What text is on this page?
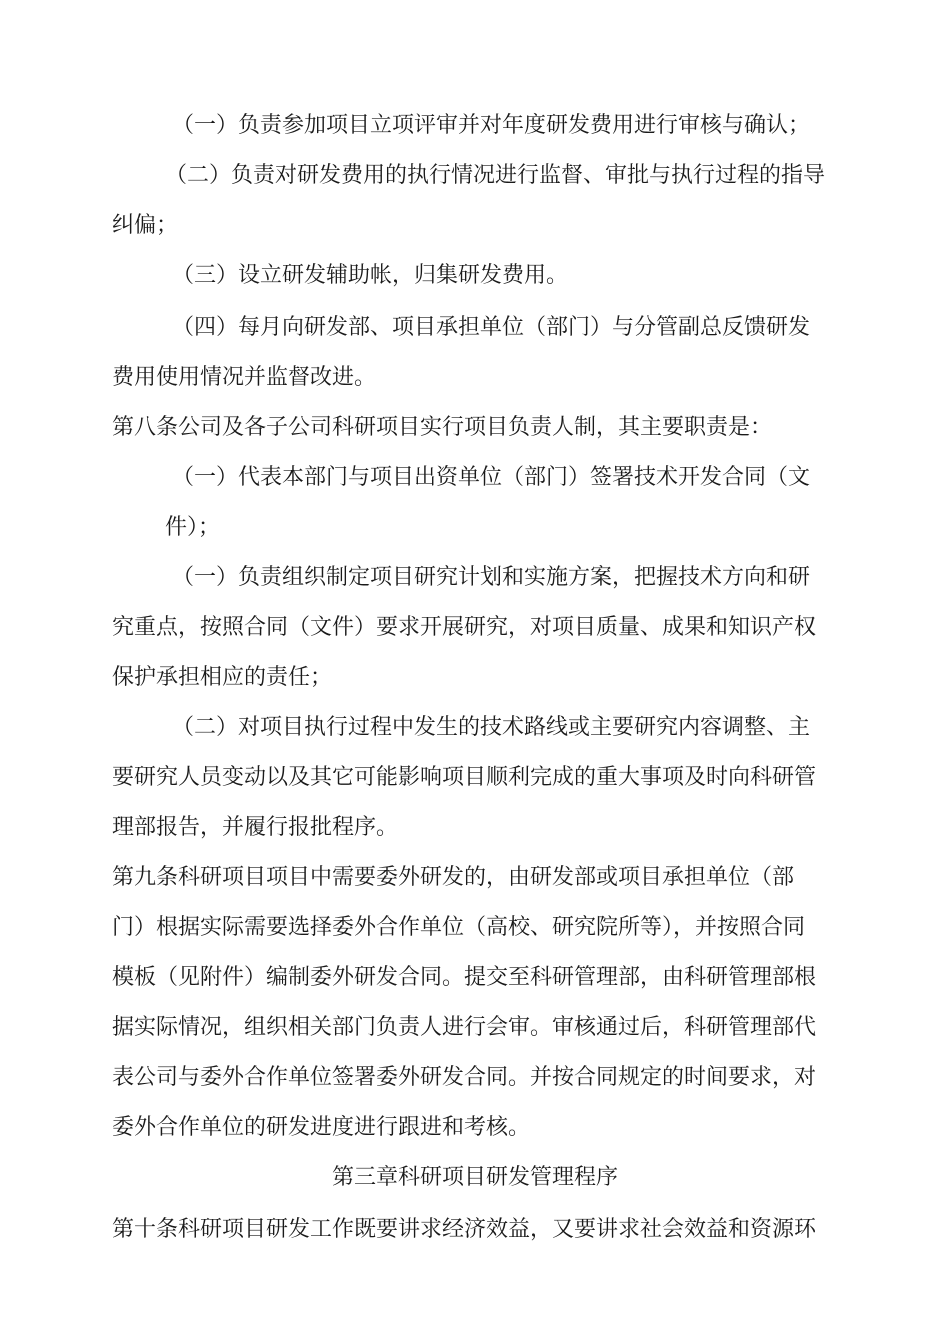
（一）负责参加项目立项评审并对年度研发费用进行审核与确认；
（二）负责对研发费用的执行情况进行监督、审批与执行过程的指导
纠偏；
（三）设立研发辅助帐，归集研发费用。
（四）每月向研发部、项目承担单位（部门）与分管副总反馈研发
费用使用情况并监督改进。
第八条公司及各子公司科研项目实行项目负责人制，其主要职责是：
（一）代表本部门与项目出资单位（部门）签署技术开发合同（文
件）；
（一）负责组织制定项目研究计划和实施方案，把握技术方向和研
究重点，按照合同（文件）要求开展研究，对项目质量、成果和知识产权
保护承担相应的责任；
（二）对项目执行过程中发生的技术路线或主要研究内容调整、主
要研究人员变动以及其它可能影响项目顺利完成的重大事项及时向科研管
理部报告，并履行报批程序。
第九条科研项目项目中需要委外研发的，由研发部或项目承担单位（部
门）根据实际需要选择委外合作单位（高校、研究院所等），并按照合同
模板（见附件）编制委外研发合同。提交至科研管理部，由科研管理部根
据实际情况，组织相关部门负责人进行会审。审核通过后，科研管理部代
表公司与委外合作单位签署委外研发合同。并按合同规定的时间要求，对
委外合作单位的研发进度进行跟进和考核。
第三章科研项目研发管理程序
第十条科研项目研发工作既要讲求经济效益，又要讲求社会效益和资源环
